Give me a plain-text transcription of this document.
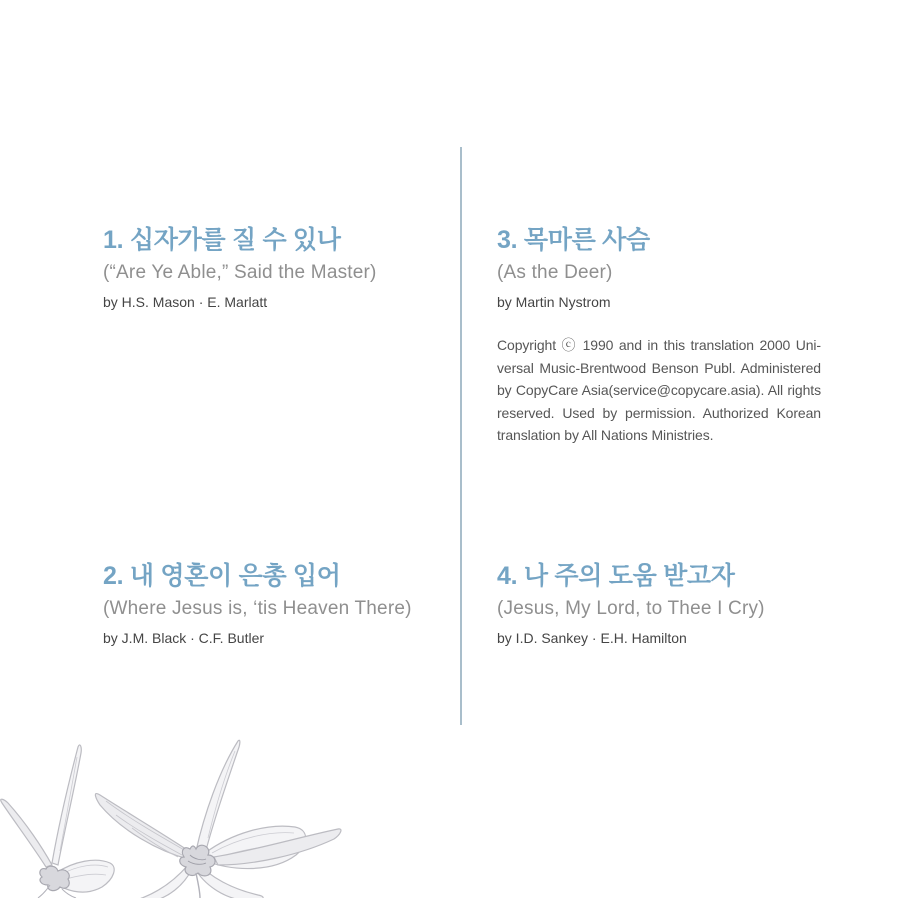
1. 십자가를 질 수 있나
(“Are Ye Able,” Said the Master)
by H.S. Mason · E. Marlatt
3. 목마른 사슴
(As the Deer)
by Martin Nystrom
Copyright ⓒ 1990 and in this translation 2000 Uni-
versal Music-Brentwood Benson Publ. Administered
by CopyCare Asia(service@copycare.asia). All rights
reserved. Used by permission. Authorized Korean
translation by All Nations Ministries.
2. 내 영혼이 은총 입어
(Where Jesus is, ‘tis Heaven There)
by J.M. Black · C.F. Butler
4. 나 주의 도움 받고자
(Jesus, My Lord, to Thee I Cry)
by I.D. Sankey · E.H. Hamilton
